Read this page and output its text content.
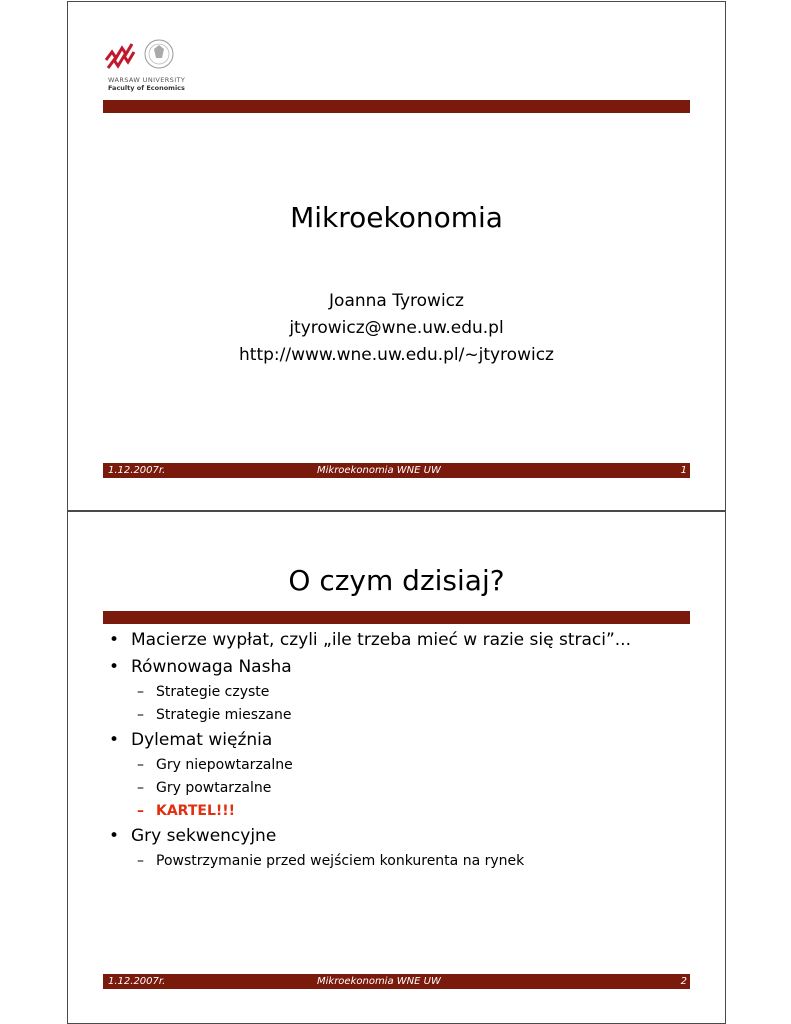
WARSAW UNIVERSITY
Faculty of Economics
Mikroekonomia
Joanna Tyrowicz
jtyrowicz@wne.uw.edu.pl
http://www.wne.uw.edu.pl/~jtyrowicz
1.12.2007r.	Mikroekonomia WNE UW	1
O czym dzisiaj?
• Macierze wypłat, czyli „ile trzeba mieć w razie się straci”...
• Równowaga Nasha
– Strategie czyste
– Strategie mieszane
• Dylemat więźnia
– Gry niepowtarzalne
– Gry powtarzalne
– KARTEL!!!
• Gry sekwencyjne
– Powstrzymanie przed wejściem konkurenta na rynek
1.12.2007r.	Mikroekonomia WNE UW	2
